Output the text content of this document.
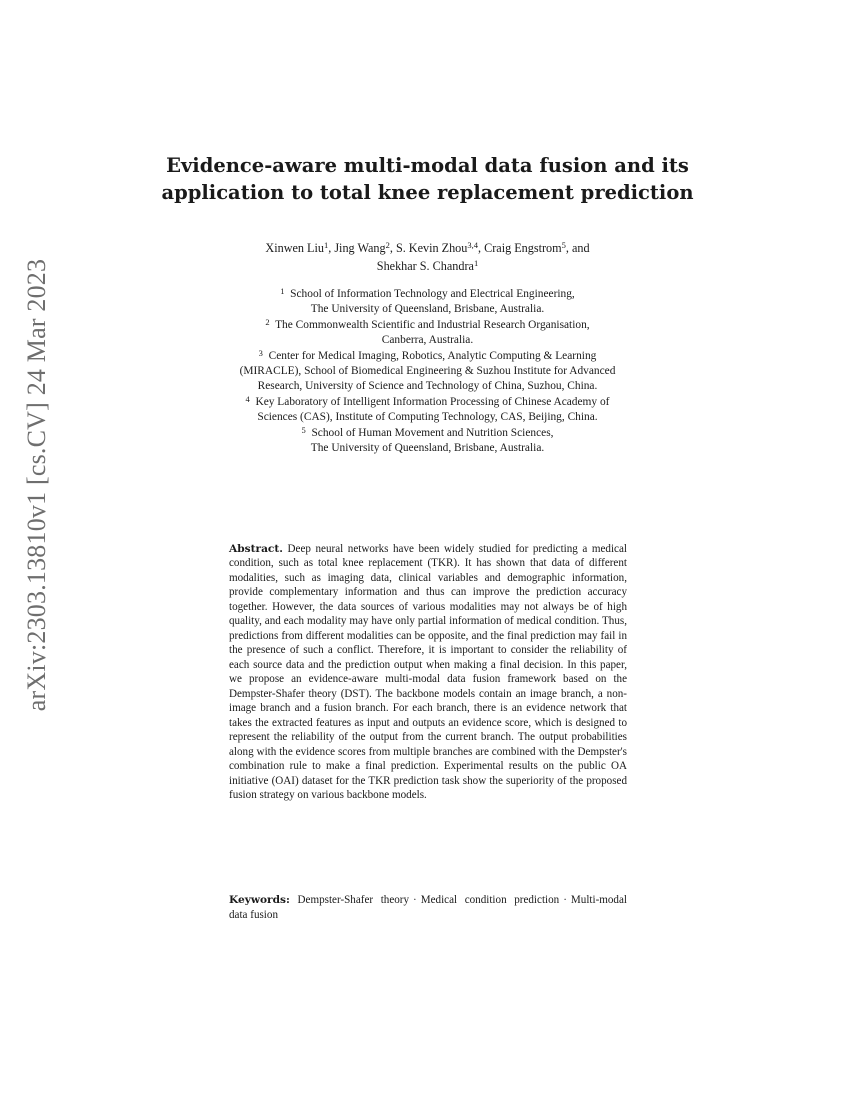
arXiv:2303.13810v1 [cs.CV] 24 Mar 2023
Evidence-aware multi-modal data fusion and its
application to total knee replacement prediction
Xinwen Liu$^1$, Jing Wang$^2$, S. Kevin Zhou$^{3,4}$, Craig Engstrom$^5$, and
Shekhar S. Chandra$^1$
$^1$ School of Information Technology and Electrical Engineering,
The University of Queensland, Brisbane, Australia.
$^2$ The Commonwealth Scientific and Industrial Research Organisation,
Canberra, Australia.
$^3$ Center for Medical Imaging, Robotics, Analytic Computing & Learning
(MIRACLE), School of Biomedical Engineering & Suzhou Institute for Advanced
Research, University of Science and Technology of China, Suzhou, China.
$^4$ Key Laboratory of Intelligent Information Processing of Chinese Academy of
Sciences (CAS), Institute of Computing Technology, CAS, Beijing, China.
$^5$ School of Human Movement and Nutrition Sciences,
The University of Queensland, Brisbane, Australia.
Abstract. Deep neural networks have been widely studied for predicting a medical condition, such as total knee replacement (TKR). It has shown that data of different modalities, such as imaging data, clinical variables and demographic information, provide complementary information and thus can improve the prediction accuracy together. However, the data sources of various modalities may not always be of high quality, and each modality may have only partial information of medical condition. Thus, predictions from different modalities can be opposite, and the final prediction may fail in the presence of such a conflict. Therefore, it is important to consider the reliability of each source data and the prediction output when making a final decision. In this paper, we propose an evidence-aware multi-modal data fusion framework based on the Dempster-Shafer theory (DST). The backbone models contain an image branch, a non-image branch and a fusion branch. For each branch, there is an evidence network that takes the extracted features as input and outputs an evidence score, which is designed to represent the reliability of the output from the current branch. The output probabilities along with the evidence scores from multiple branches are combined with the Dempster's combination rule to make a final prediction. Experimental results on the public OA initiative (OAI) dataset for the TKR prediction task show the superiority of the proposed fusion strategy on various backbone models.
Keywords: Dempster-Shafer theory · Medical condition prediction · Multi-modal data fusion
